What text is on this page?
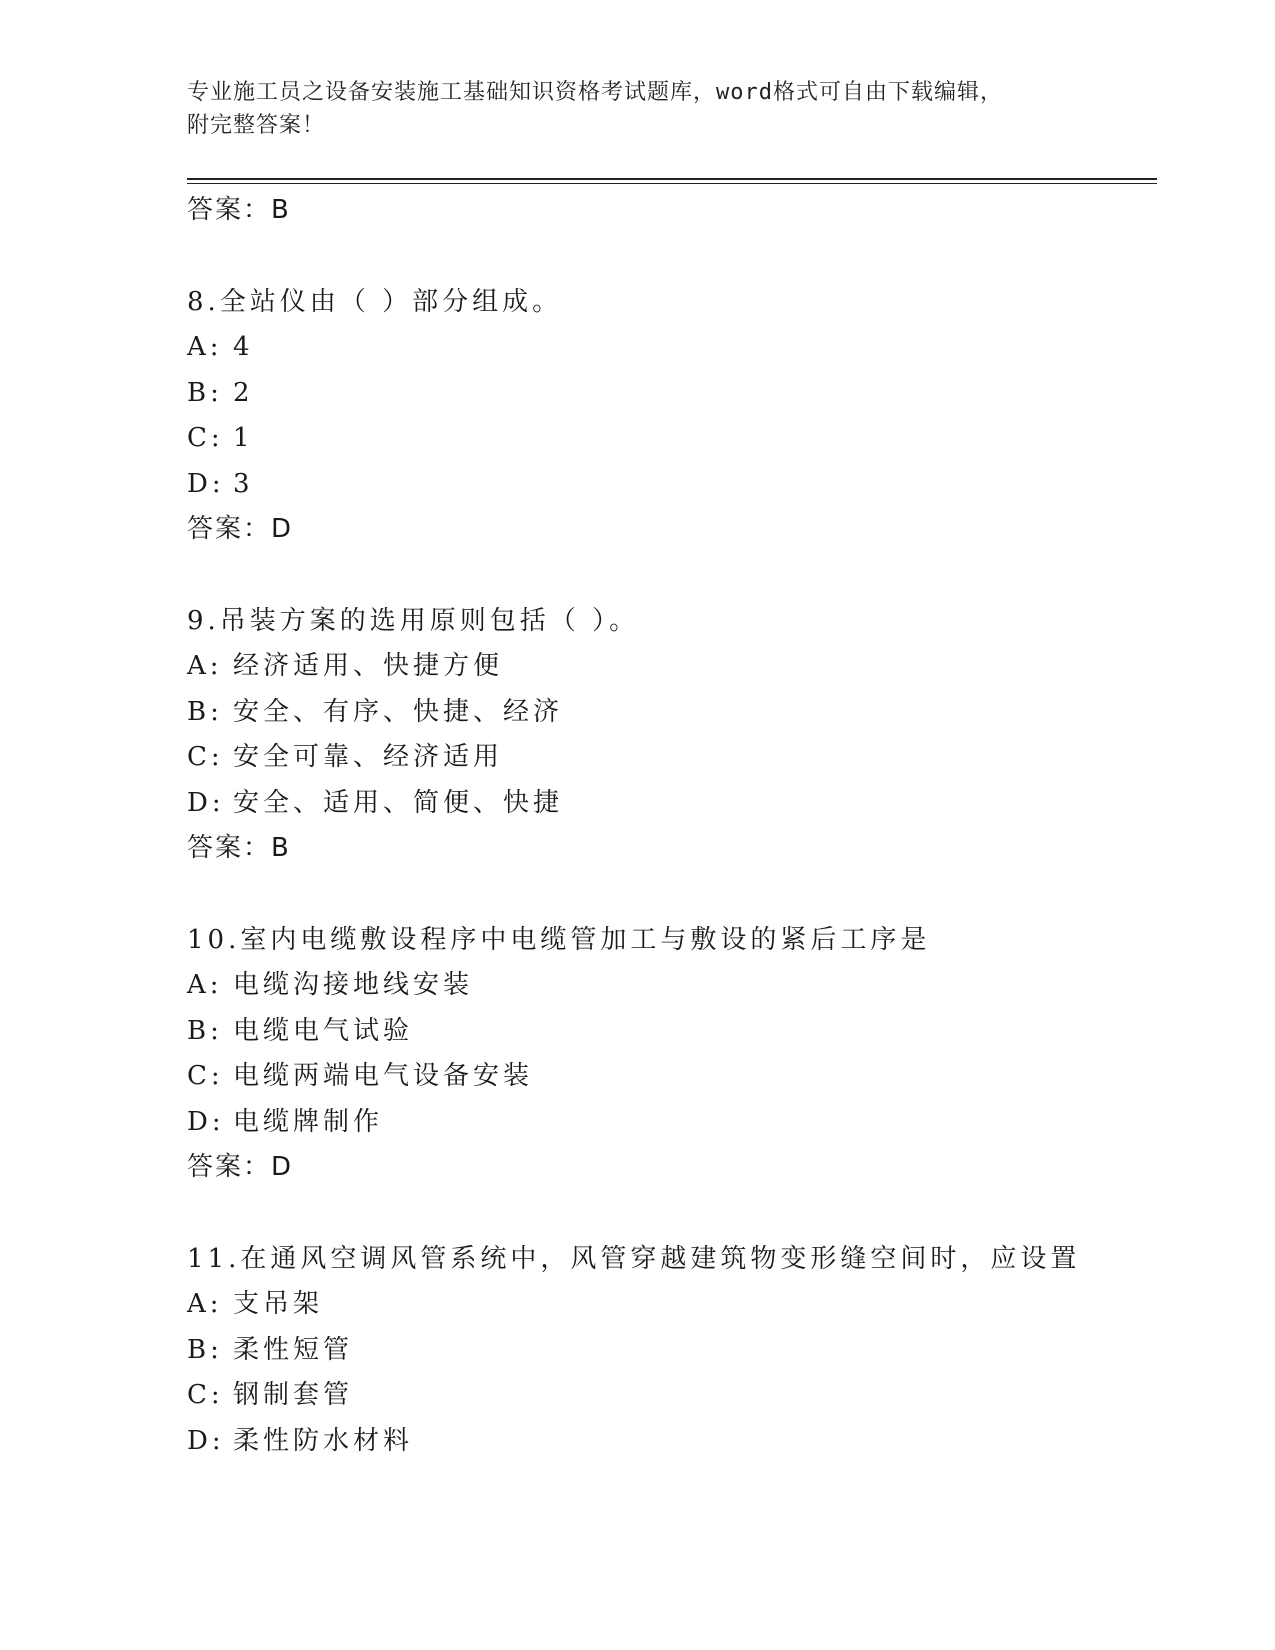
专业施工员之设备安装施工基础知识资格考试题库，word格式可自由下载编辑，
附完整答案！
答案：B
8.全站仪由（ ）部分组成。
A: 4
B: 2
C: 1
D: 3
答案：D
9.吊装方案的选用原则包括（ ）。
A: 经济适用、快捷方便
B: 安全、有序、快捷、经济
C: 安全可靠、经济适用
D: 安全、适用、简便、快捷
答案：B
10.室内电缆敷设程序中电缆管加工与敷设的紧后工序是
A: 电缆沟接地线安装
B: 电缆电气试验
C: 电缆两端电气设备安装
D: 电缆牌制作
答案：D
11.在通风空调风管系统中，风管穿越建筑物变形缝空间时，应设置
A: 支吊架
B: 柔性短管
C: 钢制套管
D: 柔性防水材料
